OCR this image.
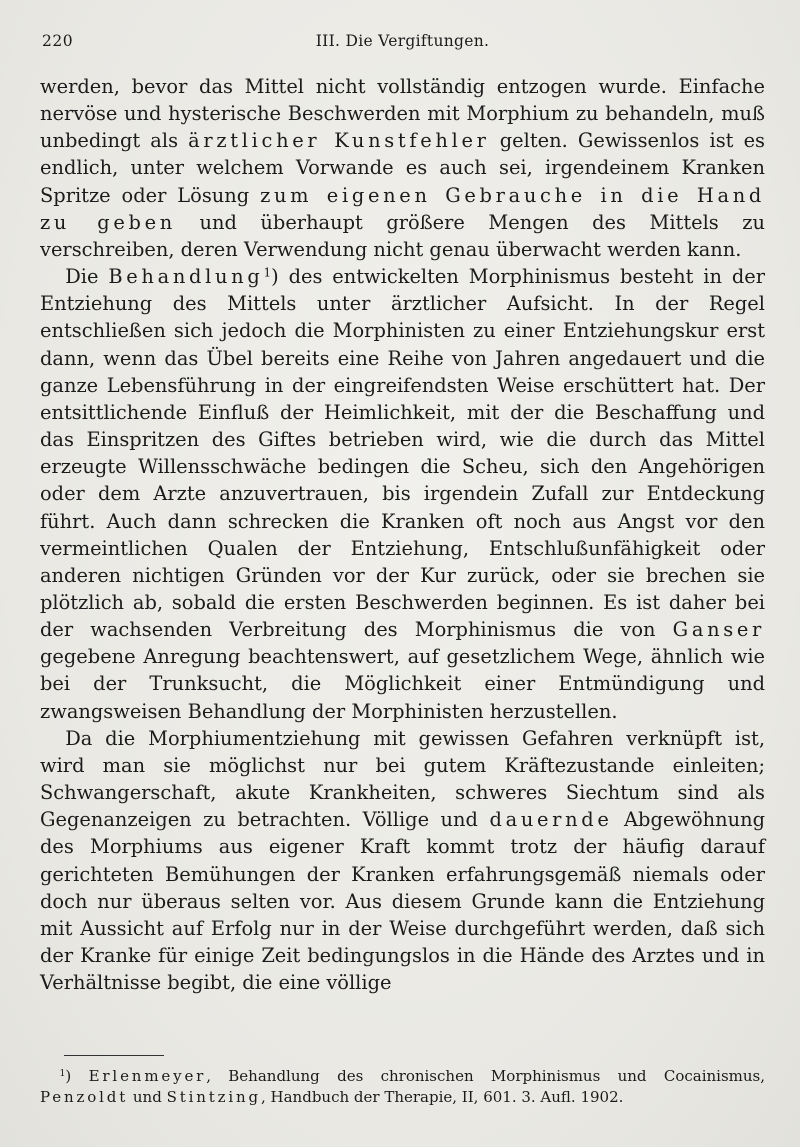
220	III. Die Vergiftungen.

werden, bevor das Mittel nicht vollständig entzogen wurde. Einfache nervöse und hysterische Beschwerden mit Morphium zu behandeln, muß unbedingt als ärztlicher Kunstfehler gelten. Gewissenlos ist es endlich, unter welchem Vorwande es auch sei, irgendeinem Kranken Spritze oder Lösung zum eigenen Gebrauche in die Hand zu geben und überhaupt größere Mengen des Mittels zu verschreiben, deren Verwendung nicht genau überwacht werden kann.

Die Behandlung$^1$) des entwickelten Morphinismus besteht in der Entziehung des Mittels unter ärztlicher Aufsicht. In der Regel entschließen sich jedoch die Morphinisten zu einer Entziehungskur erst dann, wenn das Übel bereits eine Reihe von Jahren angedauert und die ganze Lebensführung in der eingreifendsten Weise erschüttert hat. Der entsittlichende Einfluß der Heimlichkeit, mit der die Beschaffung und das Einspritzen des Giftes betrieben wird, wie die durch das Mittel erzeugte Willensschwäche bedingen die Scheu, sich den Angehörigen oder dem Arzte anzuvertrauen, bis irgendein Zufall zur Entdeckung führt. Auch dann schrecken die Kranken oft noch aus Angst vor den vermeintlichen Qualen der Entziehung, Entschlußunfähigkeit oder anderen nichtigen Gründen vor der Kur zurück, oder sie brechen sie plötzlich ab, sobald die ersten Beschwerden beginnen. Es ist daher bei der wachsenden Verbreitung des Morphinismus die von Ganser gegebene Anregung beachtenswert, auf gesetzlichem Wege, ähnlich wie bei der Trunksucht, die Möglichkeit einer Entmündigung und zwangsweisen Behandlung der Morphinisten herzustellen.

Da die Morphiumentziehung mit gewissen Gefahren verknüpft ist, wird man sie möglichst nur bei gutem Kräftezustande einleiten; Schwangerschaft, akute Krankheiten, schweres Siechtum sind als Gegenanzeigen zu betrachten. Völlige und dauernde Abgewöhnung des Morphiums aus eigener Kraft kommt trotz der häufig darauf gerichteten Bemühungen der Kranken erfahrungsgemäß niemals oder doch nur überaus selten vor. Aus diesem Grunde kann die Entziehung mit Aussicht auf Erfolg nur in der Weise durchgeführt werden, daß sich der Kranke für einige Zeit bedingungslos in die Hände des Arztes und in Verhältnisse begibt, die eine völlige

$^1$) Erlenmeyer, Behandlung des chronischen Morphinismus und Cocainismus, Penzoldt und Stintzing, Handbuch der Therapie, II, 601. 3. Aufl. 1902.
